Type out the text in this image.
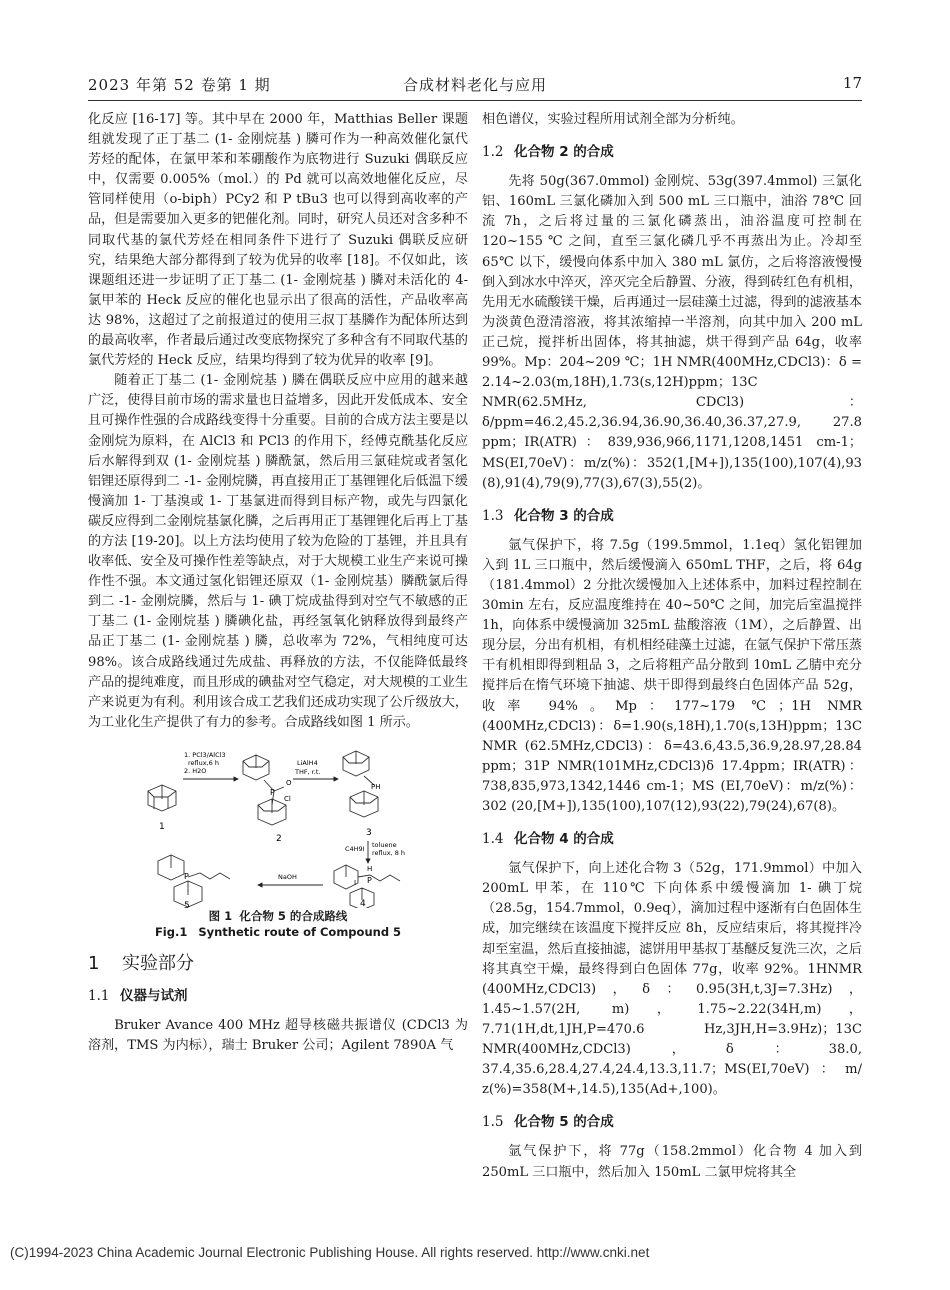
2023 年第 52 卷第 1 期	合成材料老化与应用	17

化反应 [16-17] 等。其中早在 2000 年，Matthias Beller 课题组就发现了正丁基二 (1- 金刚烷基 ) 膦可作为一种高效催化氯代芳烃的配体，在氯甲苯和苯硼酸作为底物进行 Suzuki 偶联反应中，仅需要 0.005%（mol.）的 Pd 就可以高效地催化反应，尽管同样使用（o-biph）PCy2 和 P tBu3 也可以得到高收率的产品，但是需要加入更多的钯催化剂。同时，研究人员还对含多种不同取代基的氯代芳烃在相同条件下进行了 Suzuki 偶联反应研究，结果绝大部分都得到了较为优异的收率 [18]。不仅如此，该课题组还进一步证明了正丁基二 (1- 金刚烷基 ) 膦对未活化的 4- 氯甲苯的 Heck 反应的催化也显示出了很高的活性，产品收率高达 98%，这超过了之前报道过的使用三叔丁基膦作为配体所达到的最高收率，作者最后通过改变底物探究了多种含有不同取代基的氯代芳烃的 Heck 反应，结果均得到了较为优异的收率 [9]。

随着正丁基二 (1- 金刚烷基 ) 膦在偶联反应中应用的越来越广泛，使得目前市场的需求量也日益增多，因此开发低成本、安全且可操作性强的合成路线变得十分重要。目前的合成方法主要是以金刚烷为原料，在 AlCl3 和 PCl3 的作用下，经傅克酰基化反应后水解得到双 (1- 金刚烷基 ) 膦酰氯，然后用三氯硅烷或者氢化铝锂还原得到二 -1- 金刚烷膦，再直接用正丁基锂锂化后低温下缓慢滴加 1- 丁基溴或 1- 丁基氯进而得到目标产物，或先与四氯化碳反应得到二金刚烷基氯化膦，之后再用正丁基锂锂化后再上丁基的方法 [19-20]。以上方法均使用了较为危险的丁基锂，并且具有收率低、安全及可操作性差等缺点，对于大规模工业生产来说可操作性不强。本文通过氢化铝锂还原双（1- 金刚烷基）膦酰氯后得到二 -1- 金刚烷膦，然后与 1- 碘丁烷成盐得到对空气不敏感的正丁基二 (1- 金刚烷基 ) 膦碘化盐，再经氢氧化钠释放得到最终产品正丁基二 (1- 金刚烷基 ) 膦，总收率为 72%，气相纯度可达 98%。该合成路线通过先成盐、再释放的方法，不仅能降低最终产品的提纯难度，而且形成的碘盐对空气稳定，对大规模的工业生产来说更为有利。利用该合成工艺我们还成功实现了公斤级放大，为工业化生产提供了有力的参考。合成路线如图 1 所示。

1
1. PCl3/AlCl3
reflux,6 h
2. H2O
P
O
Cl
2
LiAlH4
THF, r.t.
PH
3
C4H9I toluene
reflux, 8 h
H
P
I
4
NaOH
P
5
图 1 化合物 5 的合成路线
Fig.1 Synthetic route of Compound 5
1 实验部分
1.1 仪器与试剂

Bruker Avance 400 MHz 超导核磁共振谱仪 (CDCl3 为溶剂，TMS 为内标），瑞士 Bruker 公司；Agilent 7890A 气

相色谱仪，实验过程所用试剂全部为分析纯。

1.2 化合物 2 的合成

先将 50g(367.0mmol) 金刚烷、53g(397.4mmol) 三氯化铝、160mL 三氯化磷加入到 500 mL 三口瓶中，油浴 78℃ 回流 7h，之后将过量的三氯化磷蒸出，油浴温度可控制在 120~155 ℃ 之间，直至三氯化磷几乎不再蒸出为止。冷却至 65℃ 以下，缓慢向体系中加入 380 mL 氯仿，之后将溶液慢慢倒入到冰水中淬灭，淬灭完全后静置、分液，得到砖红色有机相，先用无水硫酸镁干燥，后再通过一层硅藻土过滤，得到的滤液基本为淡黄色澄清溶液，将其浓缩掉一半溶剂，向其中加入 200 mL 正己烷，搅拌析出固体，将其抽滤，烘干得到产品 64g，收率 99%。Mp：204~209 ℃；1H NMR(400MHz,CDCl3)：δ = 2.14~2.03(m,18H),1.73(s,12H)ppm；13C NMR(62.5MHz, CDCl3)：δ/ppm=46.2,45.2,36.94,36.90,36.40,36.37,27.9, 27.8 ppm；IR(ATR)：839,936,966,1171,1208,1451 cm-1；MS(EI,70eV)：m/z(%)：352(1,[M+]),135(100),107(4),93 (8),91(4),79(9),77(3),67(3),55(2)。

1.3 化合物 3 的合成

氩气保护下，将 7.5g（199.5mmol，1.1eq）氢化铝锂加入到 1L 三口瓶中，然后缓慢滴入 650mL THF，之后，将 64g（181.4mmol）2 分批次缓慢加入上述体系中，加料过程控制在 30min 左右，反应温度维持在 40~50℃ 之间，加完后室温搅拌 1h，向体系中缓慢滴加 325mL 盐酸溶液（1M），之后静置、出现分层，分出有机相，有机相经硅藻土过滤，在氩气保护下常压蒸干有机相即得到粗品 3，之后将粗产品分散到 10mL 乙腈中充分搅拌后在惰气环境下抽滤、烘干即得到最终白色固体产品 52g，收率 94%。Mp：177~179 ℃；1H NMR (400MHz,CDCl3)：δ=1.90(s,18H),1.70(s,13H)ppm；13C NMR (62.5MHz,CDCl3)：δ=43.6,43.5,36.9,28.97,28.84 ppm；31P NMR(101MHz,CDCl3)δ 17.4ppm；IR(ATR)：738,835,973,1342,1446 cm-1；MS (EI,70eV)：m/z(%)：302 (20,[M+]),135(100),107(12),93(22),79(24),67(8)。

1.4 化合物 4 的合成

氩气保护下，向上述化合物 3（52g，171.9mmol）中加入 200mL 甲苯，在 110℃ 下向体系中缓慢滴加 1- 碘丁烷（28.5g，154.7mmol，0.9eq），滴加过程中逐渐有白色固体生成，加完继续在该温度下搅拌反应 8h，反应结束后，将其搅拌冷却至室温，然后直接抽滤，滤饼用甲基叔丁基醚反复洗三次，之后将其真空干燥，最终得到白色固体 77g，收率 92%。1HNMR (400MHz,CDCl3)，δ：0.95(3H,t,3J=7.3Hz)，1.45~1.57(2H, m)，1.75~2.22(34H,m)，7.71(1H,dt,1JH,P=470.6 Hz,3JH,H=3.9Hz)；13C NMR(400MHz,CDCl3)，δ：38.0, 37.4,35.6,28.4,27.4,24.4,13.3,11.7；MS(EI,70eV)：m/ z(%)=358(M+,14.5),135(Ad+,100)。

1.5 化合物 5 的合成

氩气保护下，将 77g（158.2mmol）化合物 4 加入到 250mL 三口瓶中，然后加入 150mL 二氯甲烷将其全

(C)1994-2023 China Academic Journal Electronic Publishing House. All rights reserved. http://www.cnki.net
